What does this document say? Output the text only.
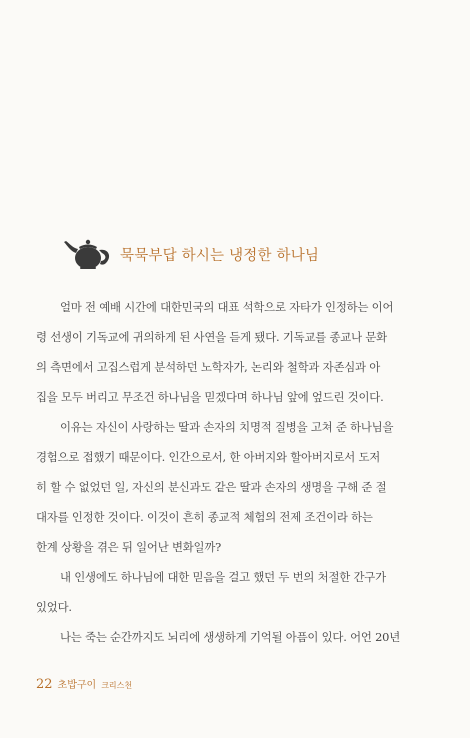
묵묵부답 하시는 냉정한 하나님

얼마 전 예배 시간에 대한민국의 대표 석학으로 자타가 인정하는 이어
령 선생이 기독교에 귀의하게 된 사연을 듣게 됐다. 기독교를 종교나 문화
의 측면에서 고집스럽게 분석하던 노학자가, 논리와 철학과 자존심과 아
집을 모두 버리고 무조건 하나님을 믿겠다며 하나님 앞에 엎드린 것이다.

이유는 자신이 사랑하는 딸과 손자의 치명적 질병을 고쳐 준 하나님을
경험으로 접했기 때문이다. 인간으로서, 한 아버지와 할아버지로서 도저
히 할 수 없었던 일, 자신의 분신과도 같은 딸과 손자의 생명을 구해 준 절
대자를 인정한 것이다. 이것이 흔히 종교적 체험의 전제 조건이라 하는
한계 상황을 겪은 뒤 일어난 변화일까?

내 인생에도 하나님에 대한 믿음을 걸고 했던 두 번의 처절한 간구가
있었다.

나는 죽는 순간까지도 뇌리에 생생하게 기억될 아픔이 있다. 어언 20년

22 초밥구이 크리스천
